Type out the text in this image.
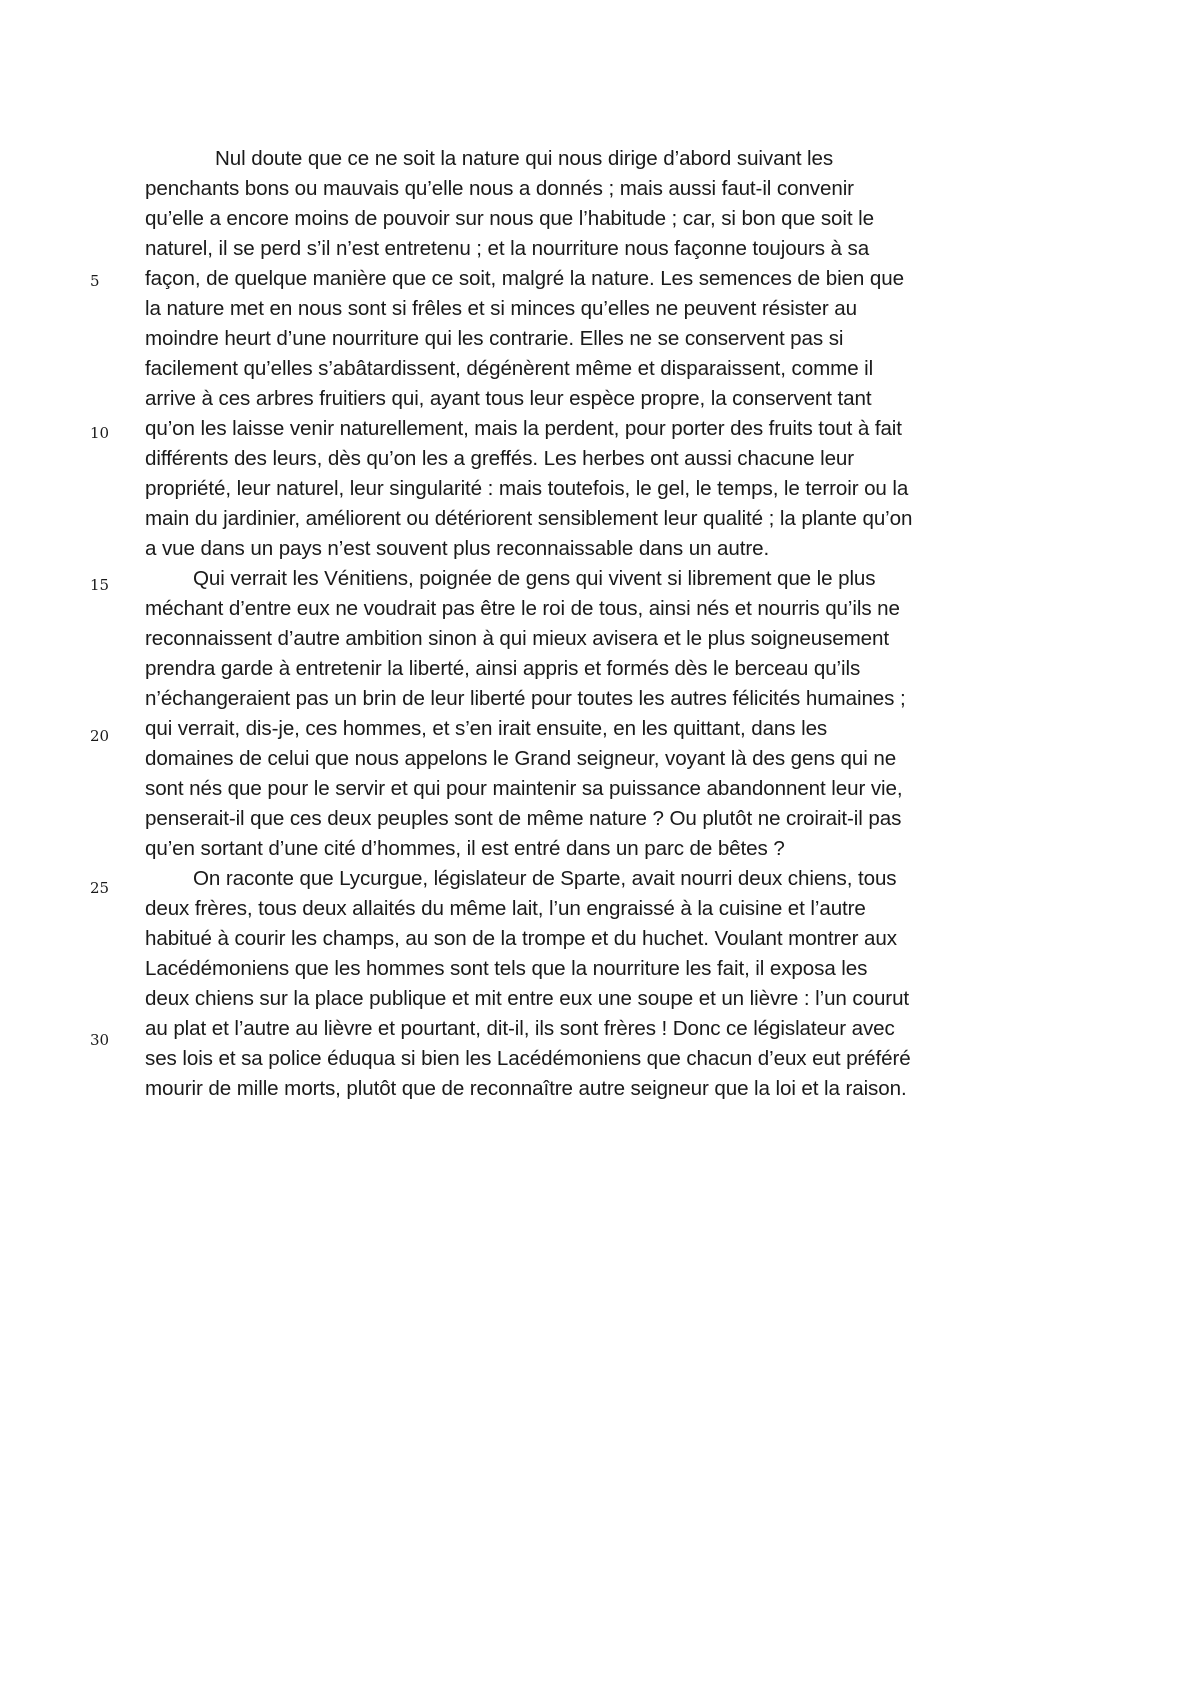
5
10
15
20
25
30
Nul doute que ce ne soit la nature qui nous dirige d’abord suivant les
penchants bons ou mauvais qu’elle nous a donnés ; mais aussi faut-il convenir
qu’elle a encore moins de pouvoir sur nous que l’habitude ; car, si bon que soit le
naturel, il se perd s’il n’est entretenu ; et la nourriture nous façonne toujours à sa
façon, de quelque manière que ce soit, malgré la nature. Les semences de bien que
la nature met en nous sont si frêles et si minces qu’elles ne peuvent résister au
moindre heurt d’une nourriture qui les contrarie. Elles ne se conservent pas si
facilement qu’elles s’abâtardissent, dégénèrent même et disparaissent, comme il
arrive à ces arbres fruitiers qui, ayant tous leur espèce propre, la conservent tant
qu’on les laisse venir naturellement, mais la perdent, pour porter des fruits tout à fait
différents des leurs, dès qu’on les a greffés. Les herbes ont aussi chacune leur
propriété, leur naturel, leur singularité : mais toutefois, le gel, le temps, le terroir ou la
main du jardinier, améliorent ou détériorent sensiblement leur qualité ; la plante qu’on
a vue dans un pays n’est souvent plus reconnaissable dans un autre.
Qui verrait les Vénitiens, poignée de gens qui vivent si librement que le plus
méchant d’entre eux ne voudrait pas être le roi de tous, ainsi nés et nourris qu’ils ne
reconnaissent d’autre ambition sinon à qui mieux avisera et le plus soigneusement
prendra garde à entretenir la liberté, ainsi appris et formés dès le berceau qu’ils
n’échangeraient pas un brin de leur liberté pour toutes les autres félicités humaines ;
qui verrait, dis-je, ces hommes, et s’en irait ensuite, en les quittant, dans les
domaines de celui que nous appelons le Grand seigneur, voyant là des gens qui ne
sont nés que pour le servir et qui pour maintenir sa puissance abandonnent leur vie,
penserait-il que ces deux peuples sont de même nature ? Ou plutôt ne croirait-il pas
qu’en sortant d’une cité d’hommes, il est entré dans un parc de bêtes ?
On raconte que Lycurgue, législateur de Sparte, avait nourri deux chiens, tous
deux frères, tous deux allaités du même lait, l’un engraissé à la cuisine et l’autre
habitué à courir les champs, au son de la trompe et du huchet. Voulant montrer aux
Lacédémoniens que les hommes sont tels que la nourriture les fait, il exposa les
deux chiens sur la place publique et mit entre eux une soupe et un lièvre : l’un courut
au plat et l’autre au lièvre et pourtant, dit-il, ils sont frères ! Donc ce législateur avec
ses lois et sa police éduqua si bien les Lacédémoniens que chacun d’eux eut préféré
mourir de mille morts, plutôt que de reconnaître autre seigneur que la loi et la raison.
